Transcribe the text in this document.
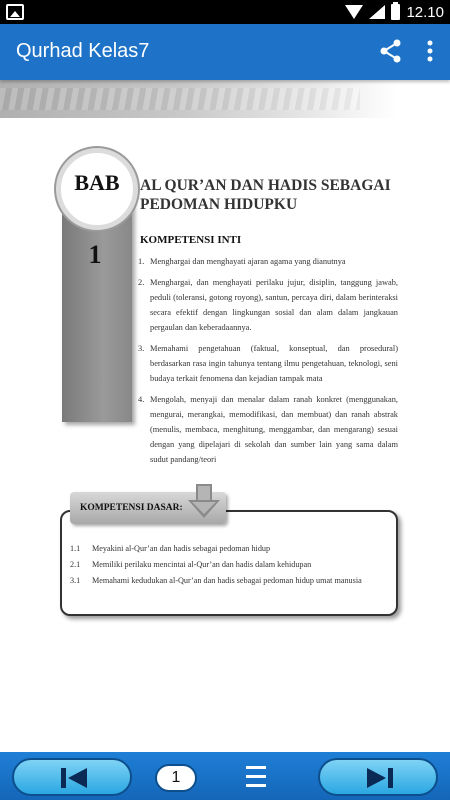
12.10
Qurhad Kelas7
BAB
1
AL QUR’AN DAN HADIS SEBAGAI PEDOMAN HIDUPKU
KOMPETENSI INTI
1. Menghargai dan menghayati ajaran agama yang dianutnya
2. Menghargai, dan menghayati perilaku jujur, disiplin, tanggung jawab, peduli (toleransi, gotong royong), santun, percaya diri, dalam berinteraksi secara efektif dengan lingkungan sosial dan alam dalam jangkauan pergaulan dan keberadaannya.
3. Memahami pengetahuan (faktual, konseptual, dan prosedural) berdasarkan rasa ingin tahunya tentang ilmu pengetahuan, teknologi, seni budaya terkait fenomena dan kejadian tampak mata
4. Mengolah, menyaji dan menalar dalam ranah konkret (menggunakan, mengurai, merangkai, memodifikasi, dan membuat) dan ranah abstrak (menulis, membaca, menghitung, menggambar, dan mengarang) sesuai dengan yang dipelajari di sekolah dan sumber lain yang sama dalam sudut pandang/teori
KOMPETENSI DASAR:
1.1	Meyakini al-Qur’an dan hadis sebagai pedoman hidup
2.1	Memiliki perilaku mencintai al-Qur’an dan hadis dalam kehidupan
3.1	Memahami kedudukan al-Qur’an dan hadis sebagai pedoman hidup umat manusia
1
